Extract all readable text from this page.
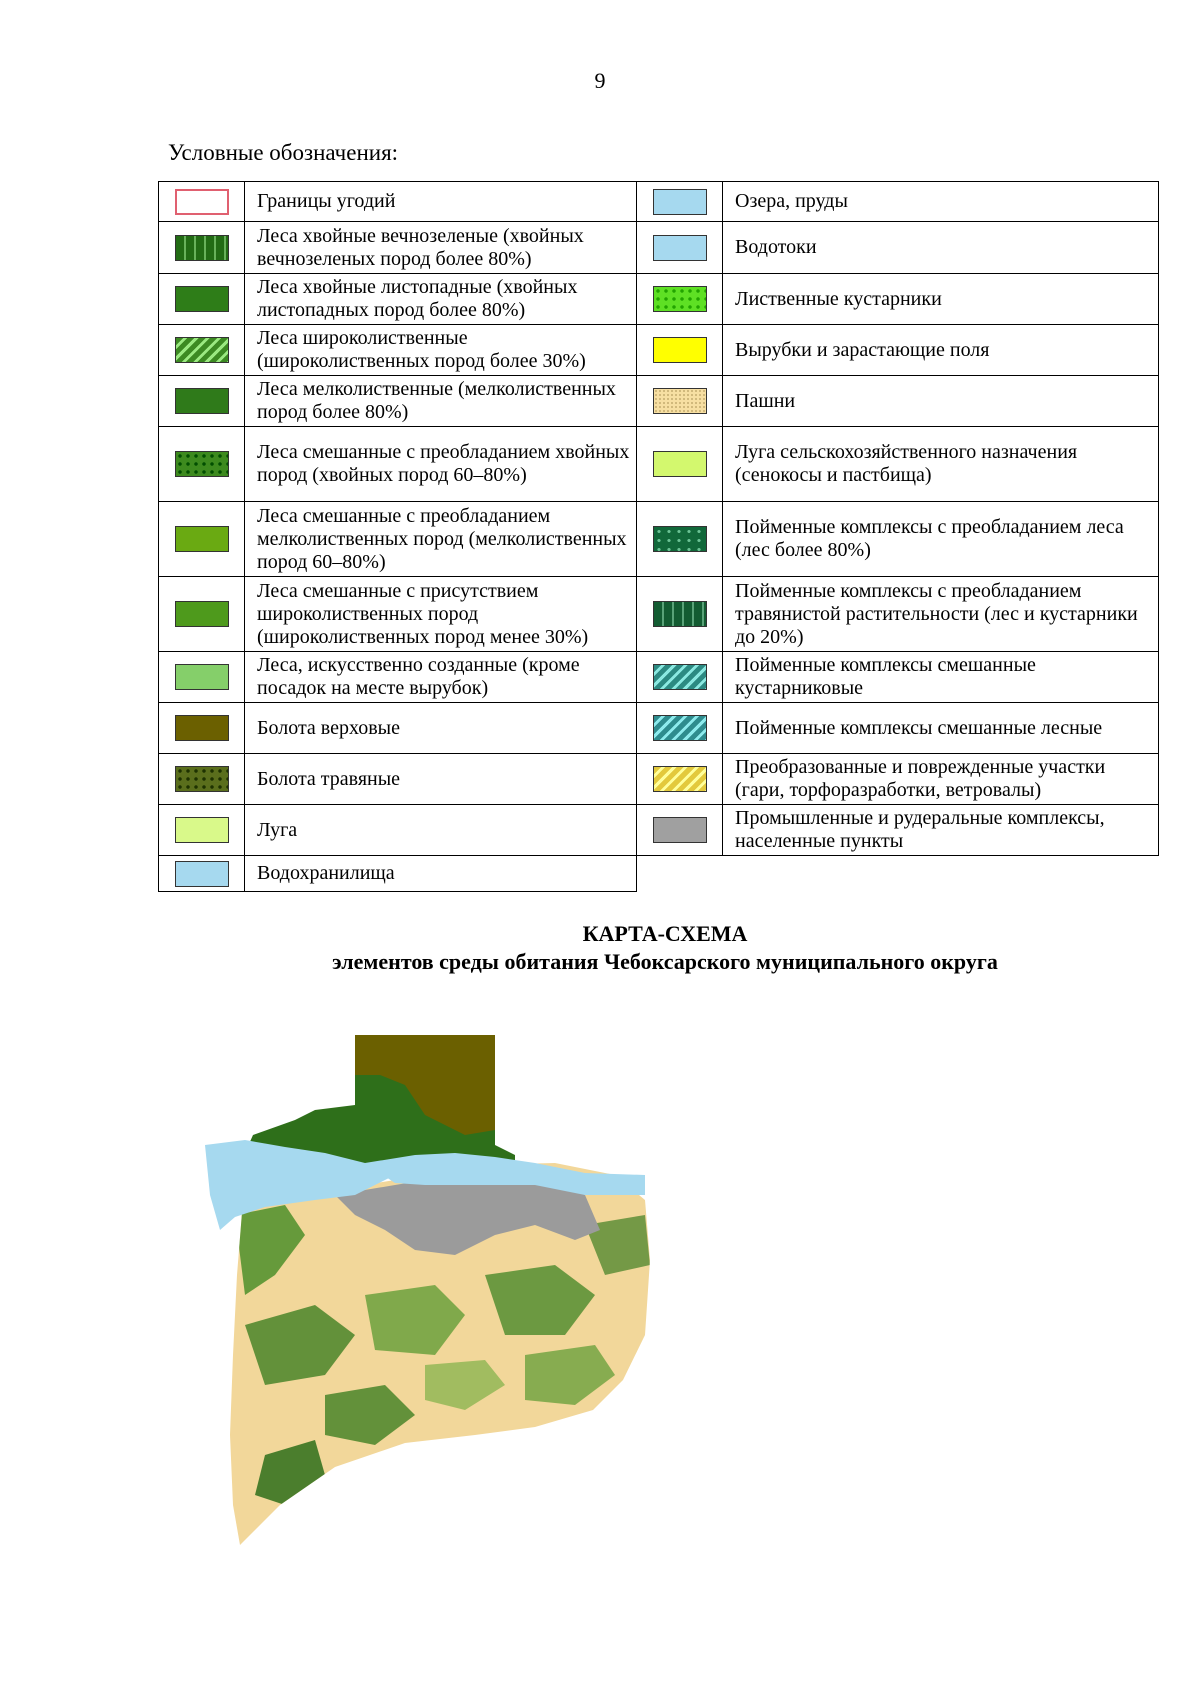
9
Условные обозначения:
	Границы угодий		Озера, пруды
	Леса хвойные вечнозеленые (хвойных вечнозеленых пород более 80%)		Водотоки
	Леса хвойные листопадные (хвойных листопадных пород более 80%)		Лиственные кустарники
	Леса широколиственные (широколиственных пород более 30%)		Вырубки и зарастающие поля
	Леса мелколиственные (мелколиственных пород более 80%)		Пашни
	Леса смешанные с преобладанием хвойных пород (хвойных пород 60–80%)		Луга сельскохозяйственного назначения (сенокосы и пастбища)
	Леса смешанные с преобладанием мелколиственных пород (мелколиственных пород 60–80%)		Пойменные комплексы с преобладанием леса (лес более 80%)
	Леса смешанные с присутствием широколиственных пород (широколиственных пород менее 30%)		Пойменные комплексы с преобладанием травянистой растительности (лес и кустарники до 20%)
	Леса, искусственно созданные (кроме посадок на месте вырубок)		Пойменные комплексы смешанные кустарниковые
	Болота верховые		Пойменные комплексы смешанные лесные
	Болота травяные		Преобразованные и поврежденные участки (гари, торфоразработки, ветровалы)
	Луга		Промышленные и рудеральные комплексы, населенные пункты
	Водохранилища		
КАРТА-СХЕМА
элементов среды обитания Чебоксарского муниципального округа
